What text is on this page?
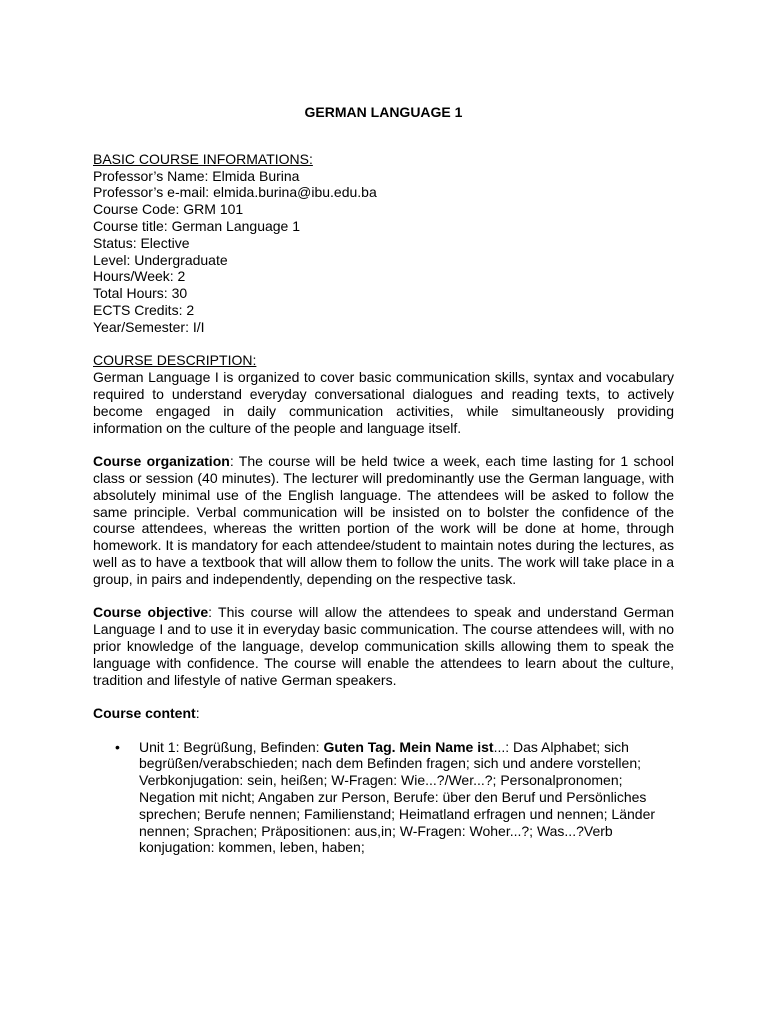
GERMAN LANGUAGE 1

BASIC COURSE INFORMATIONS:

Professor’s Name: Elmida Burina

Professor’s e-mail: elmida.burina@ibu.edu.ba

Course Code: GRM 101

Course title: German Language 1

Status: Elective

Level: Undergraduate

Hours/Week: 2

Total Hours: 30

ECTS Credits: 2

Year/Semester: I/I

COURSE DESCRIPTION:

German Language I is organized to cover basic communication skills, syntax and vocabulary required to understand everyday conversational dialogues and reading texts, to actively become engaged in daily communication activities, while simultaneously providing information on the culture of the people and language itself.

Course organization: The course will be held twice a week, each time lasting for 1 school class or session (40 minutes). The lecturer will predominantly use the German language, with absolutely minimal use of the English language. The attendees will be asked to follow the same principle. Verbal communication will be insisted on to bolster the confidence of the course attendees, whereas the written portion of the work will be done at home, through homework. It is mandatory for each attendee/student to maintain notes during the lectures, as well as to have a textbook that will allow them to follow the units. The work will take place in a group, in pairs and independently, depending on the respective task.

Course objective: This course will allow the attendees to speak and understand German Language I and to use it in everyday basic communication. The course attendees will, with no prior knowledge of the language, develop communication skills allowing them to speak the language with confidence. The course will enable the attendees to learn about the culture, tradition and lifestyle of native German speakers.

Course content:

• Unit 1: Begrüßung, Befinden: Guten Tag. Mein Name ist...: Das Alphabet; sich begrüßen/verabschieden; nach dem Befinden fragen; sich und andere vorstellen; Verbkonjugation: sein, heißen; W-Fragen: Wie...?/Wer...?; Personalpronomen; Negation mit nicht; Angaben zur Person, Berufe: über den Beruf und Persönliches sprechen; Berufe nennen; Familienstand; Heimatland erfragen und nennen; Länder nennen; Sprachen; Präpositionen: aus,in; W-Fragen: Woher...?; Was...?Verb konjugation: kommen, leben, haben;
